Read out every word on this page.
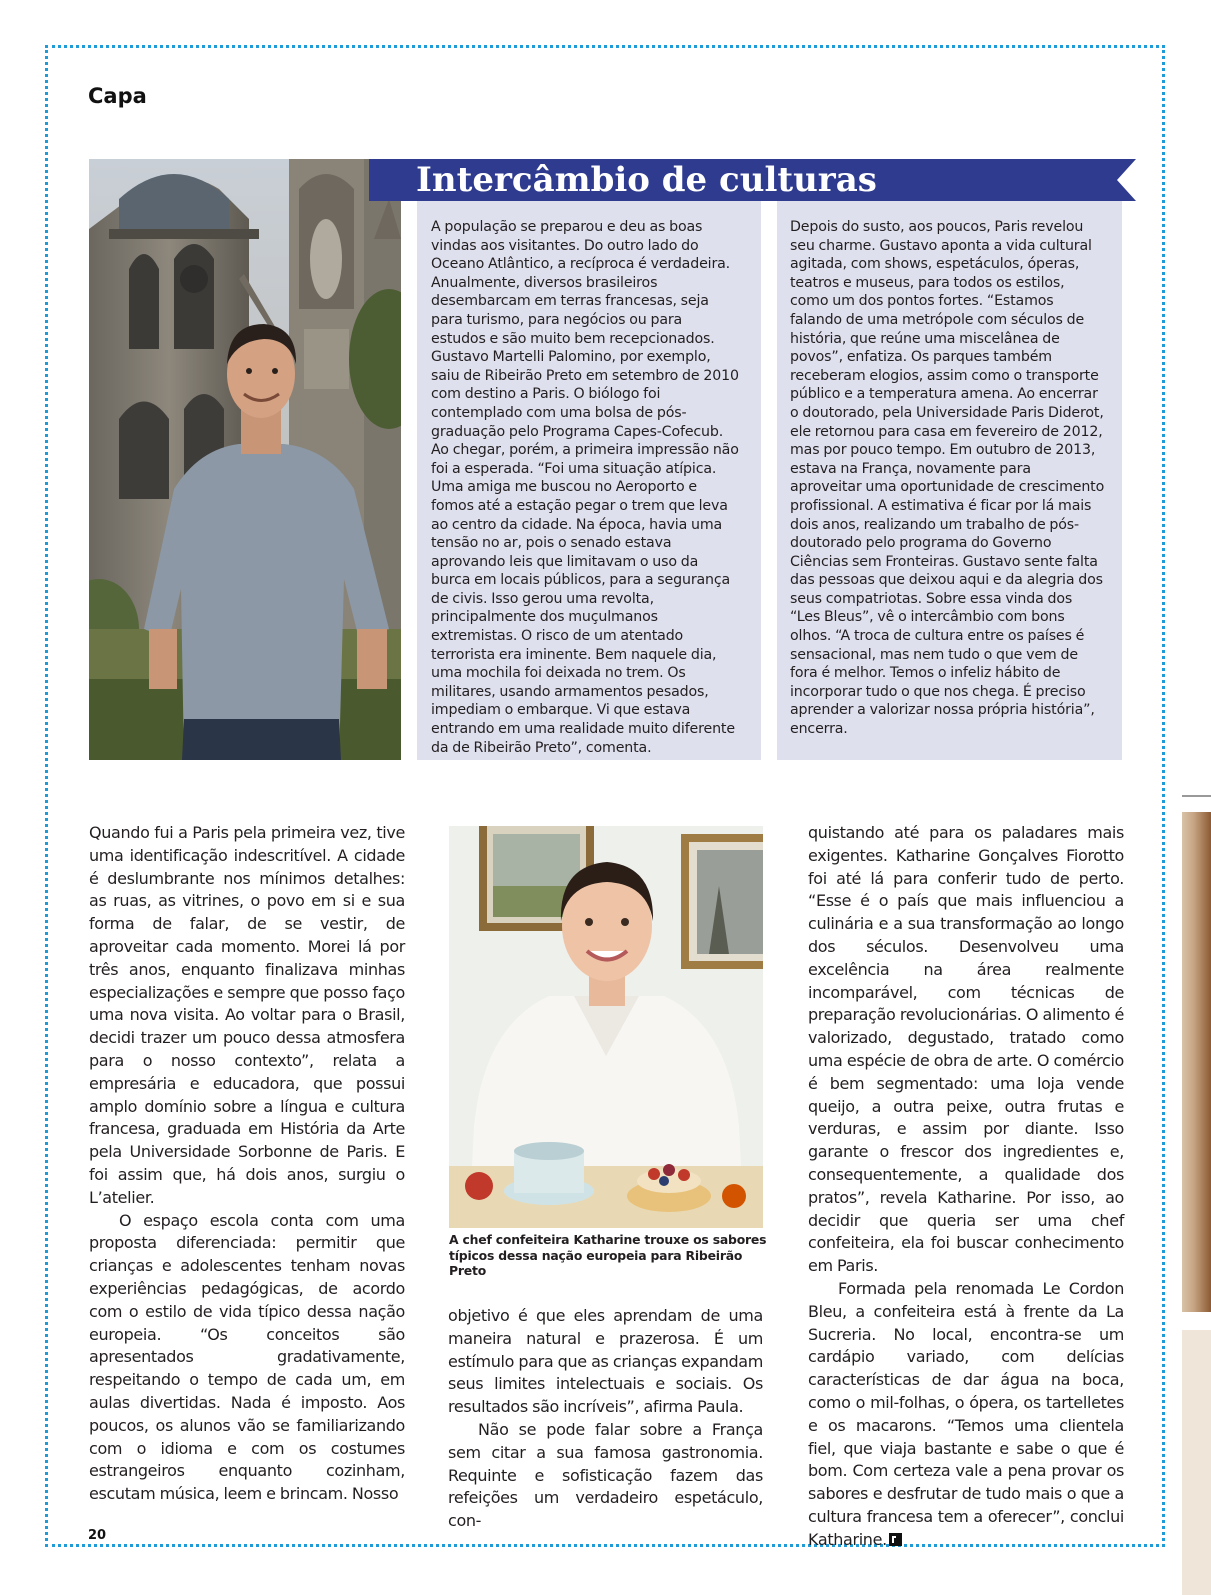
Capa
Intercâmbio de culturas

A população se preparou e deu as boas vindas aos visitantes. Do outro lado do Oceano Atlântico, a recíproca é verdadeira. Anualmente, diversos brasileiros desembarcam em terras francesas, seja para turismo, para negócios ou para estudos e são muito bem recepcionados. Gustavo Martelli Palomino, por exemplo, saiu de Ribeirão Preto em setembro de 2010 com destino a Paris. O biólogo foi contemplado com uma bolsa de pós-graduação pelo Programa Capes-Cofecub. Ao chegar, porém, a primeira impressão não foi a esperada. “Foi uma situação atípica. Uma amiga me buscou no Aeroporto e fomos até a estação pegar o trem que leva ao centro da cidade. Na época, havia uma tensão no ar, pois o senado estava aprovando leis que limitavam o uso da burca em locais públicos, para a segurança de civis. Isso gerou uma revolta, principalmente dos muçulmanos extremistas. O risco de um atentado terrorista era iminente. Bem naquele dia, uma mochila foi deixada no trem. Os militares, usando armamentos pesados, impediam o embarque. Vi que estava entrando em uma realidade muito diferente da de Ribeirão Preto”, comenta.

Depois do susto, aos poucos, Paris revelou seu charme. Gustavo aponta a vida cultural agitada, com shows, espetáculos, óperas, teatros e museus, para todos os estilos, como um dos pontos fortes. “Estamos falando de uma metrópole com séculos de história, que reúne uma miscelânea de povos”, enfatiza. Os parques também receberam elogios, assim como o transporte público e a temperatura amena. Ao encerrar o doutorado, pela Universidade Paris Diderot, ele retornou para casa em fevereiro de 2012, mas por pouco tempo. Em outubro de 2013, estava na França, novamente para aproveitar uma oportunidade de crescimento profissional. A estimativa é ficar por lá mais dois anos, realizando um trabalho de pós-doutorado pelo programa do Governo Ciências sem Fronteiras. Gustavo sente falta das pessoas que deixou aqui e da alegria dos seus compatriotas. Sobre essa vinda dos “Les Bleus”, vê o intercâmbio com bons olhos. “A troca de cultura entre os países é sensacional, mas nem tudo o que vem de fora é melhor. Temos o infeliz hábito de incorporar tudo o que nos chega. É preciso aprender a valorizar nossa própria história”, encerra.

Quando fui a Paris pela primeira vez, tive uma identificação indescritível. A cidade é deslumbrante nos mínimos detalhes: as ruas, as vitrines, o povo em si e sua forma de falar, de se vestir, de aproveitar cada momento. Morei lá por três anos, enquanto finalizava minhas especializações e sempre que posso faço uma nova visita. Ao voltar para o Brasil, decidi trazer um pouco dessa atmosfera para o nosso contexto”, relata a empresária e educadora, que possui amplo domínio sobre a língua e cultura francesa, graduada em História da Arte pela Universidade Sorbonne de Paris. E foi assim que, há dois anos, surgiu o L’atelier.

O espaço escola conta com uma proposta diferenciada: permitir que crianças e adolescentes tenham novas experiências pedagógicas, de acordo com o estilo de vida típico dessa nação europeia. “Os conceitos são apresentados gradativamente, respeitando o tempo de cada um, em aulas divertidas. Nada é imposto. Aos poucos, os alunos vão se familiarizando com o idioma e com os costumes estrangeiros enquanto cozinham, escutam música, leem e brincam. Nosso

A chef confeiteira Katharine trouxe os sabores típicos dessa nação europeia para Ribeirão Preto

objetivo é que eles aprendam de uma maneira natural e prazerosa. É um estímulo para que as crianças expandam seus limites intelectuais e sociais. Os resultados são incríveis”, afirma Paula.

Não se pode falar sobre a França sem citar a sua famosa gastronomia. Requinte e sofisticação fazem das refeições um verdadeiro espetáculo, con-

quistando até para os paladares mais exigentes. Katharine Gonçalves Fiorotto foi até lá para conferir tudo de perto. “Esse é o país que mais influenciou a culinária e a sua transformação ao longo dos séculos. Desenvolveu uma excelência na área realmente incomparável, com técnicas de preparação revolucionárias. O alimento é valorizado, degustado, tratado como uma espécie de obra de arte. O comércio é bem segmentado: uma loja vende queijo, a outra peixe, outra frutas e verduras, e assim por diante. Isso garante o frescor dos ingredientes e, consequentemente, a qualidade dos pratos”, revela Katharine. Por isso, ao decidir que queria ser uma chef confeiteira, ela foi buscar conhecimento em Paris.

Formada pela renomada Le Cordon Bleu, a confeiteira está à frente da La Sucreria. No local, encontra-se um cardápio variado, com delícias características de dar água na boca, como o mil-folhas, o ópera, os tartelletes e os macarons. “Temos uma clientela fiel, que viaja bastante e sabe o que é bom. Com certeza vale a pena provar os sabores e desfrutar de tudo mais o que a cultura francesa tem a oferecer”, conclui Katharine.

20
